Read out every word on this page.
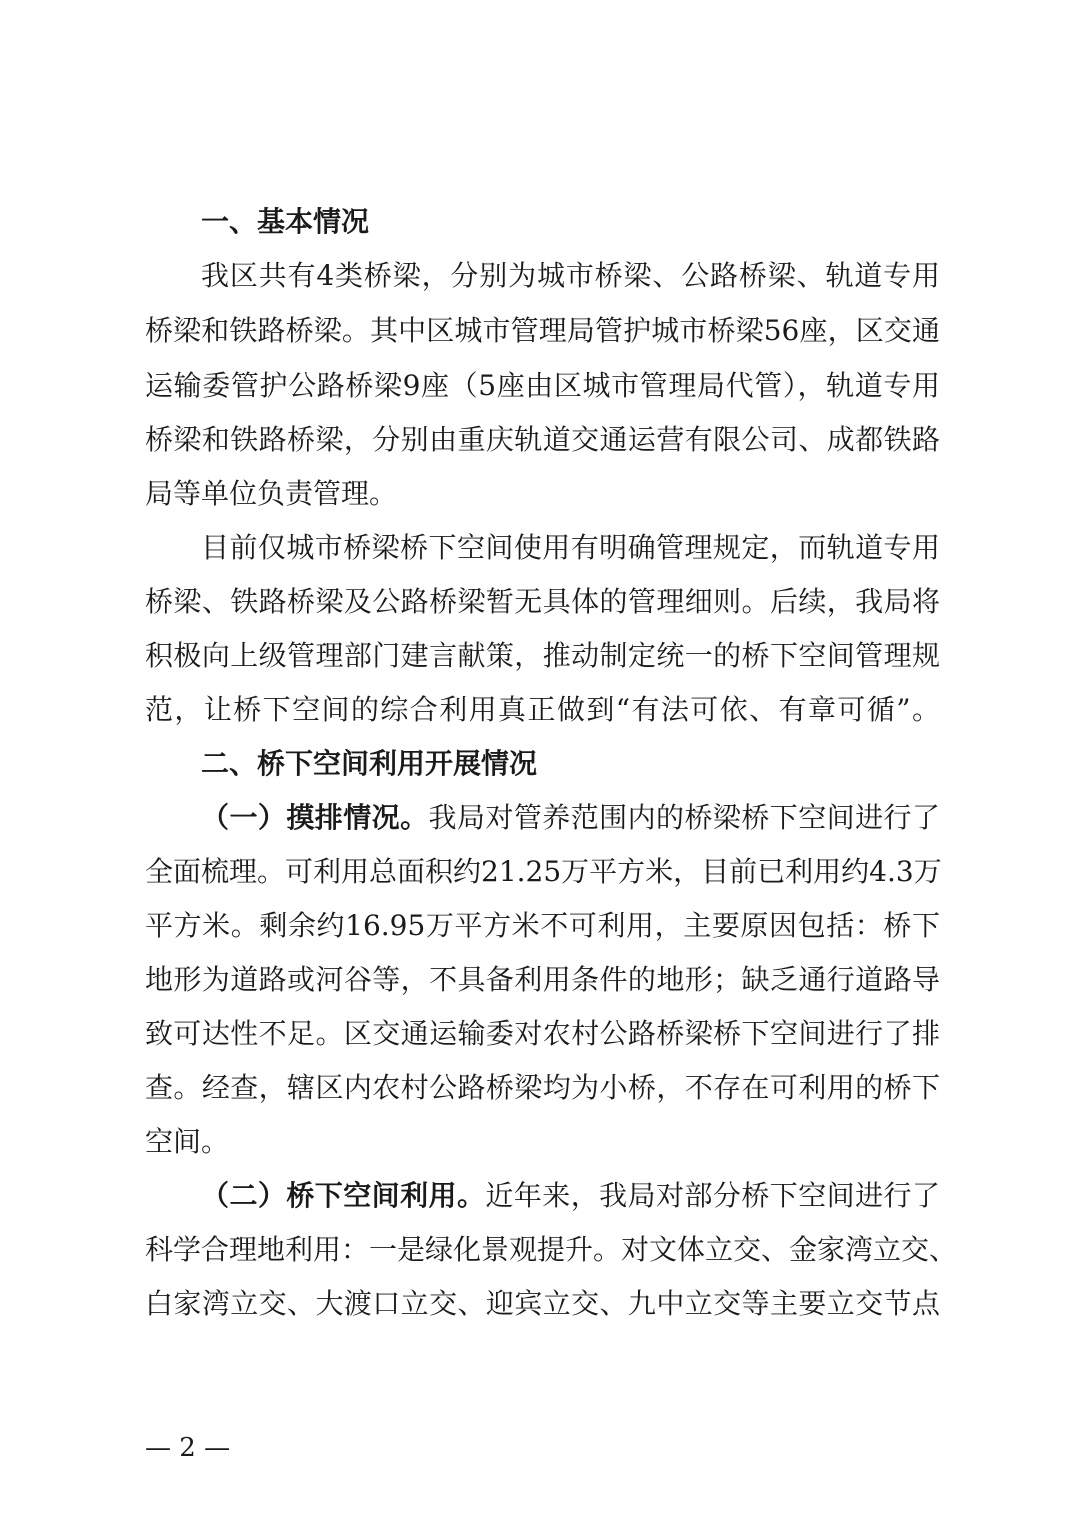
一、基本情况
我区共有4类桥梁，分别为城市桥梁、公路桥梁、轨道专用
桥梁和铁路桥梁。其中区城市管理局管护城市桥梁56座，区交通
运输委管护公路桥梁9座（5座由区城市管理局代管），轨道专用
桥梁和铁路桥梁，分别由重庆轨道交通运营有限公司、成都铁路
局等单位负责管理。
目前仅城市桥梁桥下空间使用有明确管理规定，而轨道专用
桥梁、铁路桥梁及公路桥梁暂无具体的管理细则。后续，我局将
积极向上级管理部门建言献策，推动制定统一的桥下空间管理规
范，让桥下空间的综合利用真正做到“有法可依、有章可循”。
二、桥下空间利用开展情况
（一）摸排情况。我局对管养范围内的桥梁桥下空间进行了
全面梳理。可利用总面积约21.25万平方米，目前已利用约4.3万
平方米。剩余约16.95万平方米不可利用，主要原因包括：桥下
地形为道路或河谷等，不具备利用条件的地形；缺乏通行道路导
致可达性不足。区交通运输委对农村公路桥梁桥下空间进行了排
查。经查，辖区内农村公路桥梁均为小桥，不存在可利用的桥下
空间。
（二）桥下空间利用。近年来，我局对部分桥下空间进行了
科学合理地利用：一是绿化景观提升。对文体立交、金家湾立交、
白家湾立交、大渡口立交、迎宾立交、九中立交等主要立交节点
— 2 —
